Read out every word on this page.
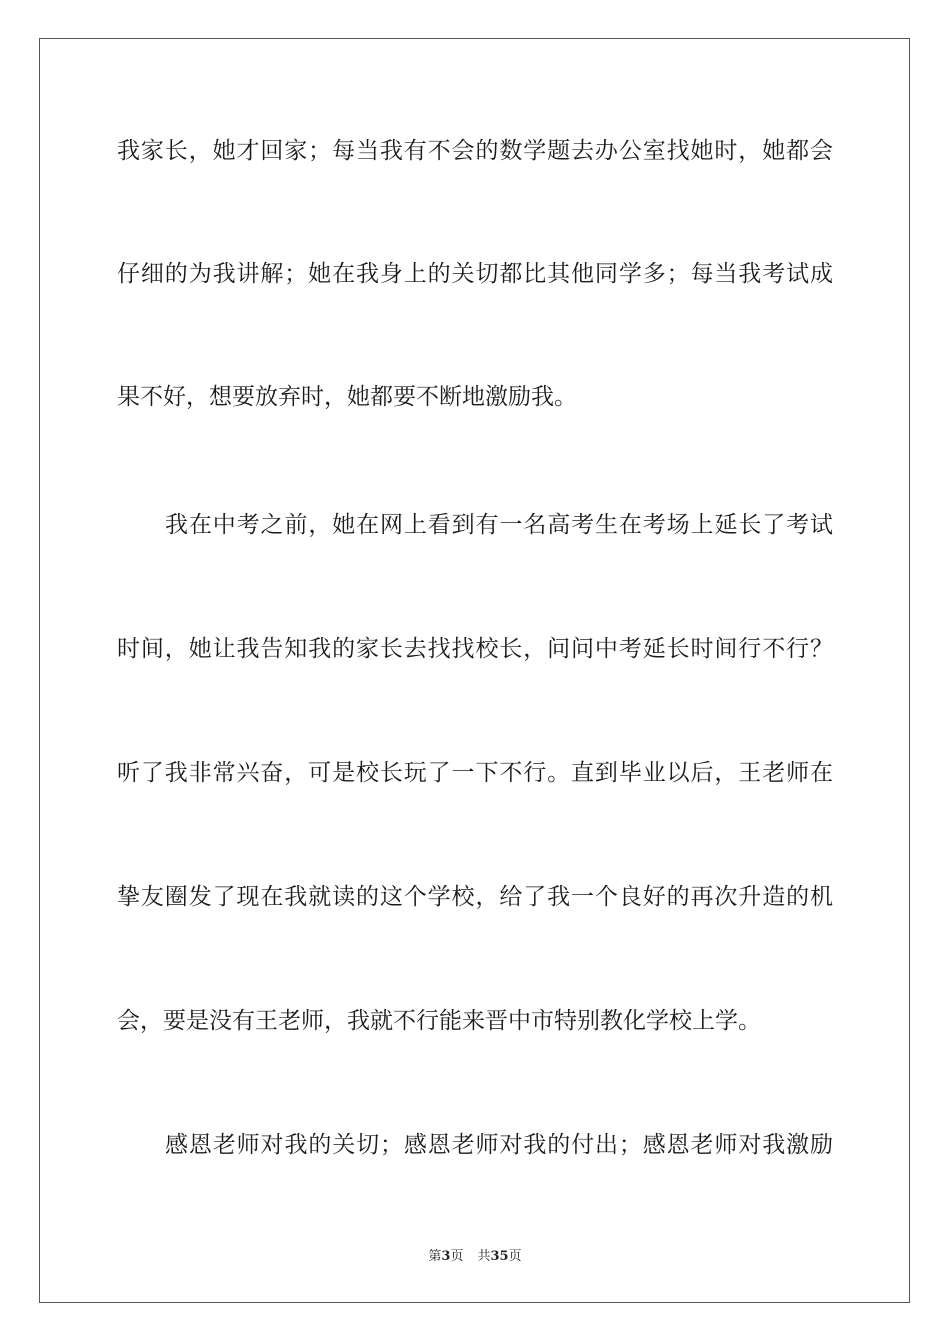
我家长，她才回家；每当我有不会的数学题去办公室找她时，她都会
仔细的为我讲解；她在我身上的关切都比其他同学多；每当我考试成
果不好，想要放弃时，她都要不断地激励我。
我在中考之前，她在网上看到有一名高考生在考场上延长了考试
时间，她让我告知我的家长去找找校长，问问中考延长时间行不行？
听了我非常兴奋，可是校长玩了一下不行。直到毕业以后，王老师在
挚友圈发了现在我就读的这个学校，给了我一个良好的再次升造的机
会，要是没有王老师，我就不行能来晋中市特别教化学校上学。
感恩老师对我的关切；感恩老师对我的付出；感恩老师对我激励
第3页 共35页
